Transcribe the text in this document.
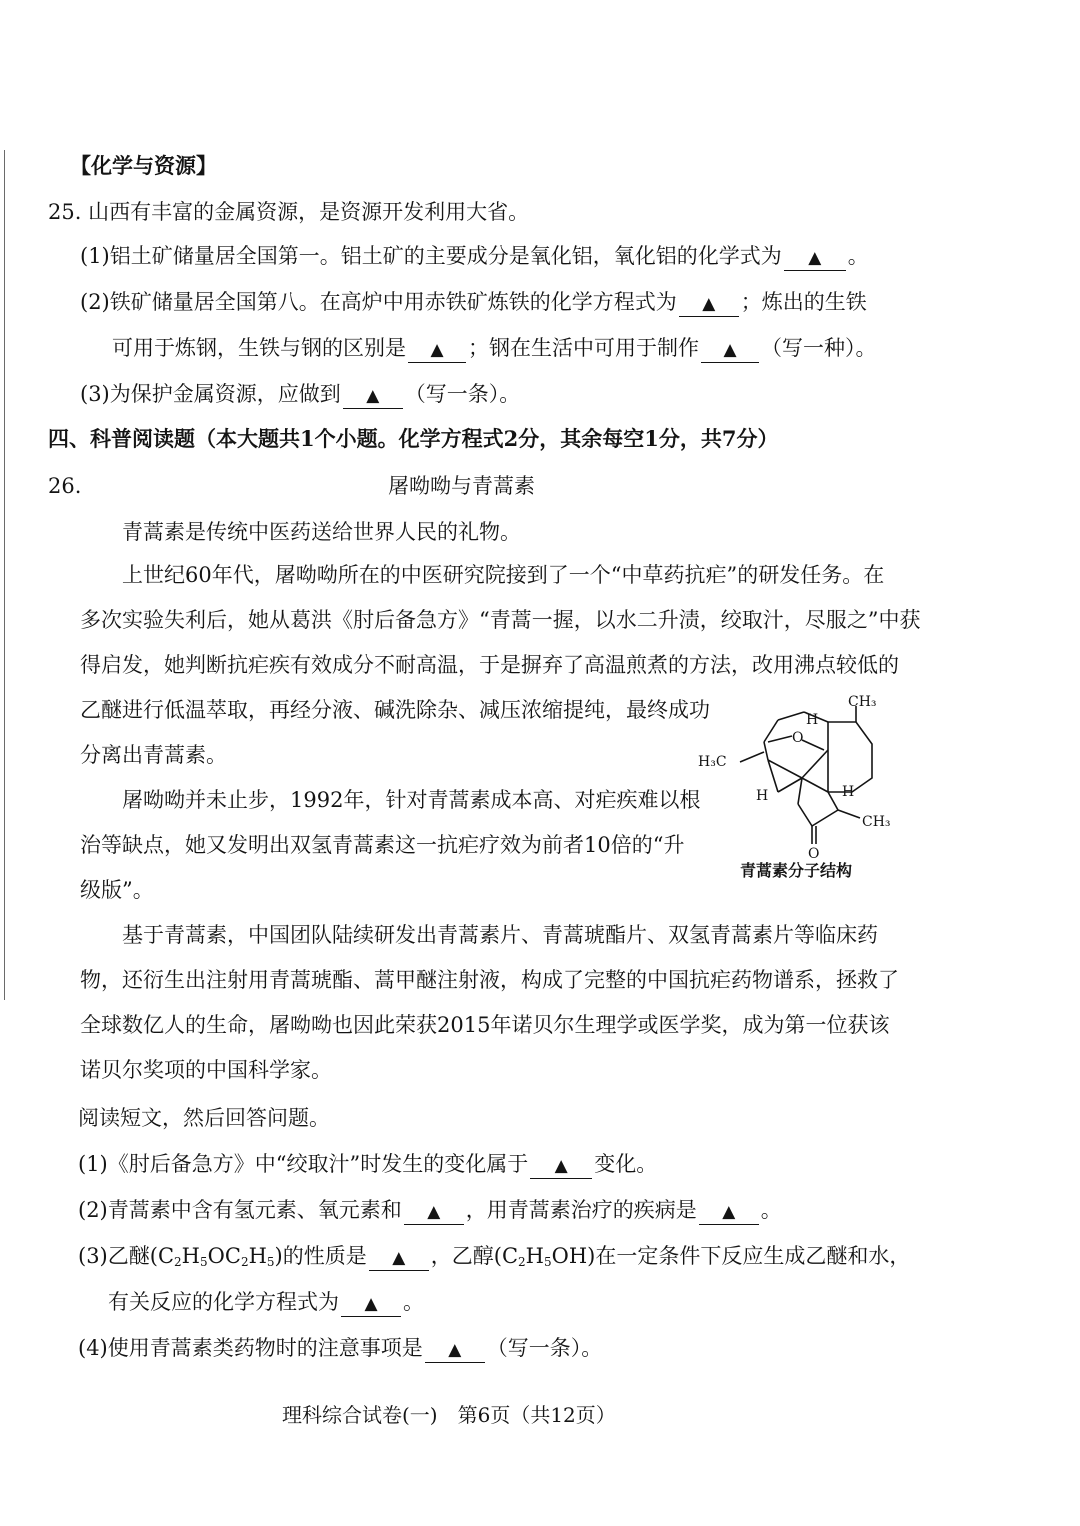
【化学与资源】
25. 山西有丰富的金属资源，是资源开发利用大省。
(1)铝土矿储量居全国第一。铝土矿的主要成分是氧化铝，氧化铝的化学式为 ▲ 。
(2)铁矿储量居全国第八。在高炉中用赤铁矿炼铁的化学方程式为 ▲ ；炼出的生铁
可用于炼钢，生铁与钢的区别是 ▲ ；钢在生活中可用于制作 ▲ （写一种）。
(3)为保护金属资源，应做到 ▲ （写一条）。
四、科普阅读题（本大题共1个小题。化学方程式2分，其余每空1分，共7分）
26.	屠呦呦与青蒿素
青蒿素是传统中医药送给世界人民的礼物。
上世纪60年代，屠呦呦所在的中医研究院接到了一个“中草药抗疟”的研发任务。在
多次实验失利后，她从葛洪《肘后备急方》“青蒿一握，以水二升渍，绞取汁，尽服之”中获
得启发，她判断抗疟疾有效成分不耐高温，于是摒弃了高温煎煮的方法，改用沸点较低的
乙醚进行低温萃取，再经分液、碱洗除杂、减压浓缩提纯，最终成功
分离出青蒿素。
屠呦呦并未止步，1992年，针对青蒿素成本高、对疟疾难以根
治等缺点，她又发明出双氢青蒿素这一抗疟疗效为前者10倍的“升
级版”。
CH₃
H
H₃C
H
H
CH₃
O
O
青蒿素分子结构
基于青蒿素，中国团队陆续研发出青蒿素片、青蒿琥酯片、双氢青蒿素片等临床药
物，还衍生出注射用青蒿琥酯、蒿甲醚注射液，构成了完整的中国抗疟药物谱系，拯救了
全球数亿人的生命，屠呦呦也因此荣获2015年诺贝尔生理学或医学奖，成为第一位获该
诺贝尔奖项的中国科学家。
阅读短文，然后回答问题。
(1)《肘后备急方》中“绞取汁”时发生的变化属于 ▲ 变化。
(2)青蒿素中含有氢元素、氧元素和 ▲ ，用青蒿素治疗的疾病是 ▲ 。
(3)乙醚$(C_2H_5OC_2H_5)$的性质是 ▲ ，乙醇$(C_2H_5OH)$在一定条件下反应生成乙醚和水，
有关反应的化学方程式为 ▲ 。
(4)使用青蒿素类药物时的注意事项是 ▲ （写一条）。
理科综合试卷(一)　第6页（共12页）
